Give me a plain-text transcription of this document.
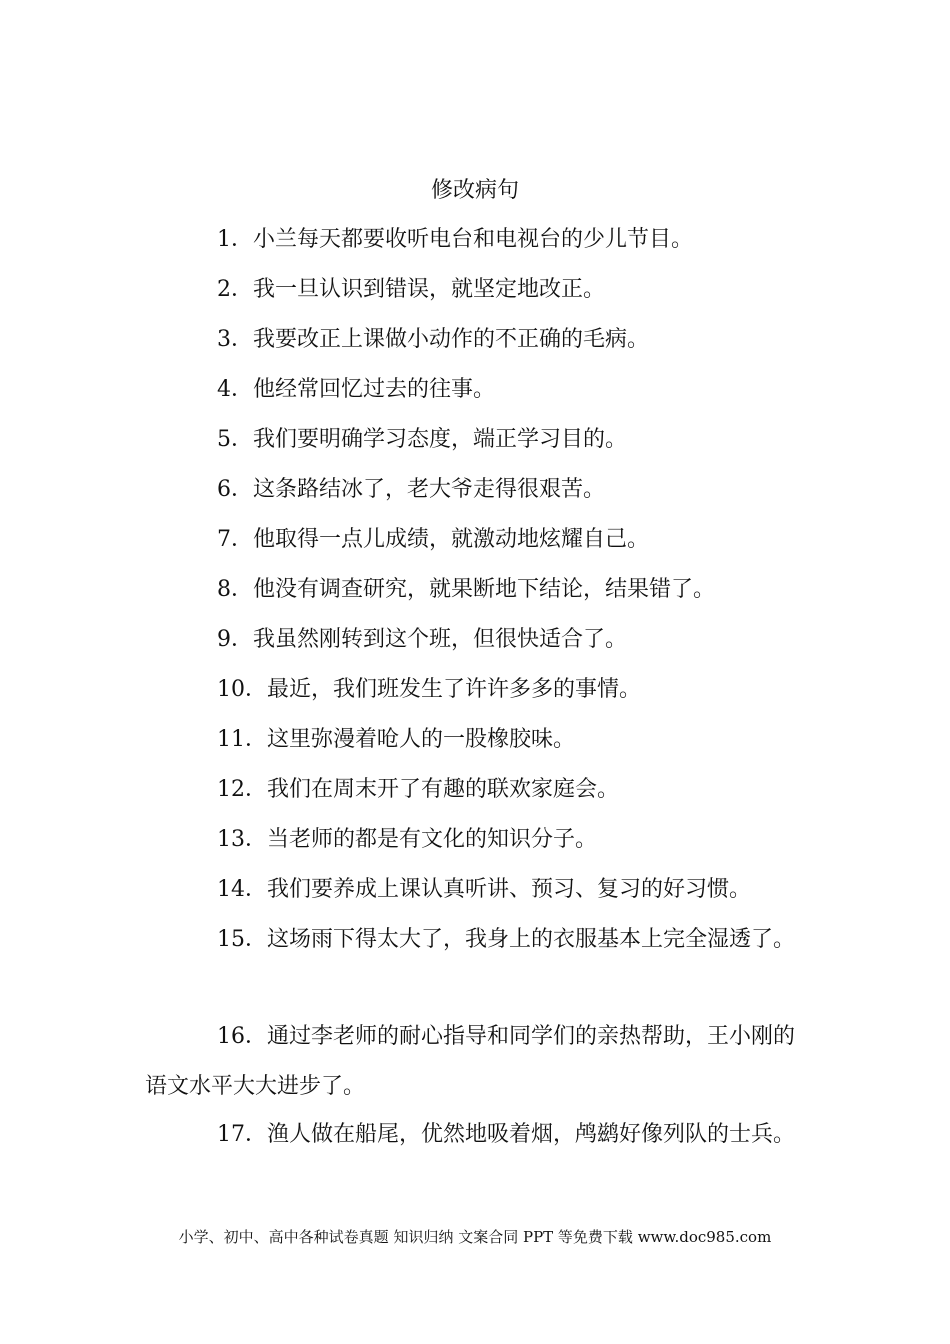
修改病句
1．小兰每天都要收听电台和电视台的少儿节目。
2．我一旦认识到错误，就坚定地改正。
3．我要改正上课做小动作的不正确的毛病。
4．他经常回忆过去的往事。
5．我们要明确学习态度，端正学习目的。
6．这条路结冰了，老大爷走得很艰苦。
7．他取得一点儿成绩，就激动地炫耀自己。
8．他没有调查研究，就果断地下结论，结果错了。
9．我虽然刚转到这个班，但很快适合了。
10．最近，我们班发生了许许多多的事情。
11．这里弥漫着呛人的一股橡胶味。
12．我们在周末开了有趣的联欢家庭会。
13．当老师的都是有文化的知识分子。
14．我们要养成上课认真听讲、预习、复习的好习惯。
15．这场雨下得太大了，我身上的衣服基本上完全湿透了。
16．通过李老师的耐心指导和同学们的亲热帮助，王小刚的语文水平大大进步了。
17．渔人做在船尾，优然地吸着烟，鸬鹚好像列队的士兵。
小学、初中、高中各种试卷真题 知识归纳 文案合同 PPT 等免费下载 www.doc985.com
